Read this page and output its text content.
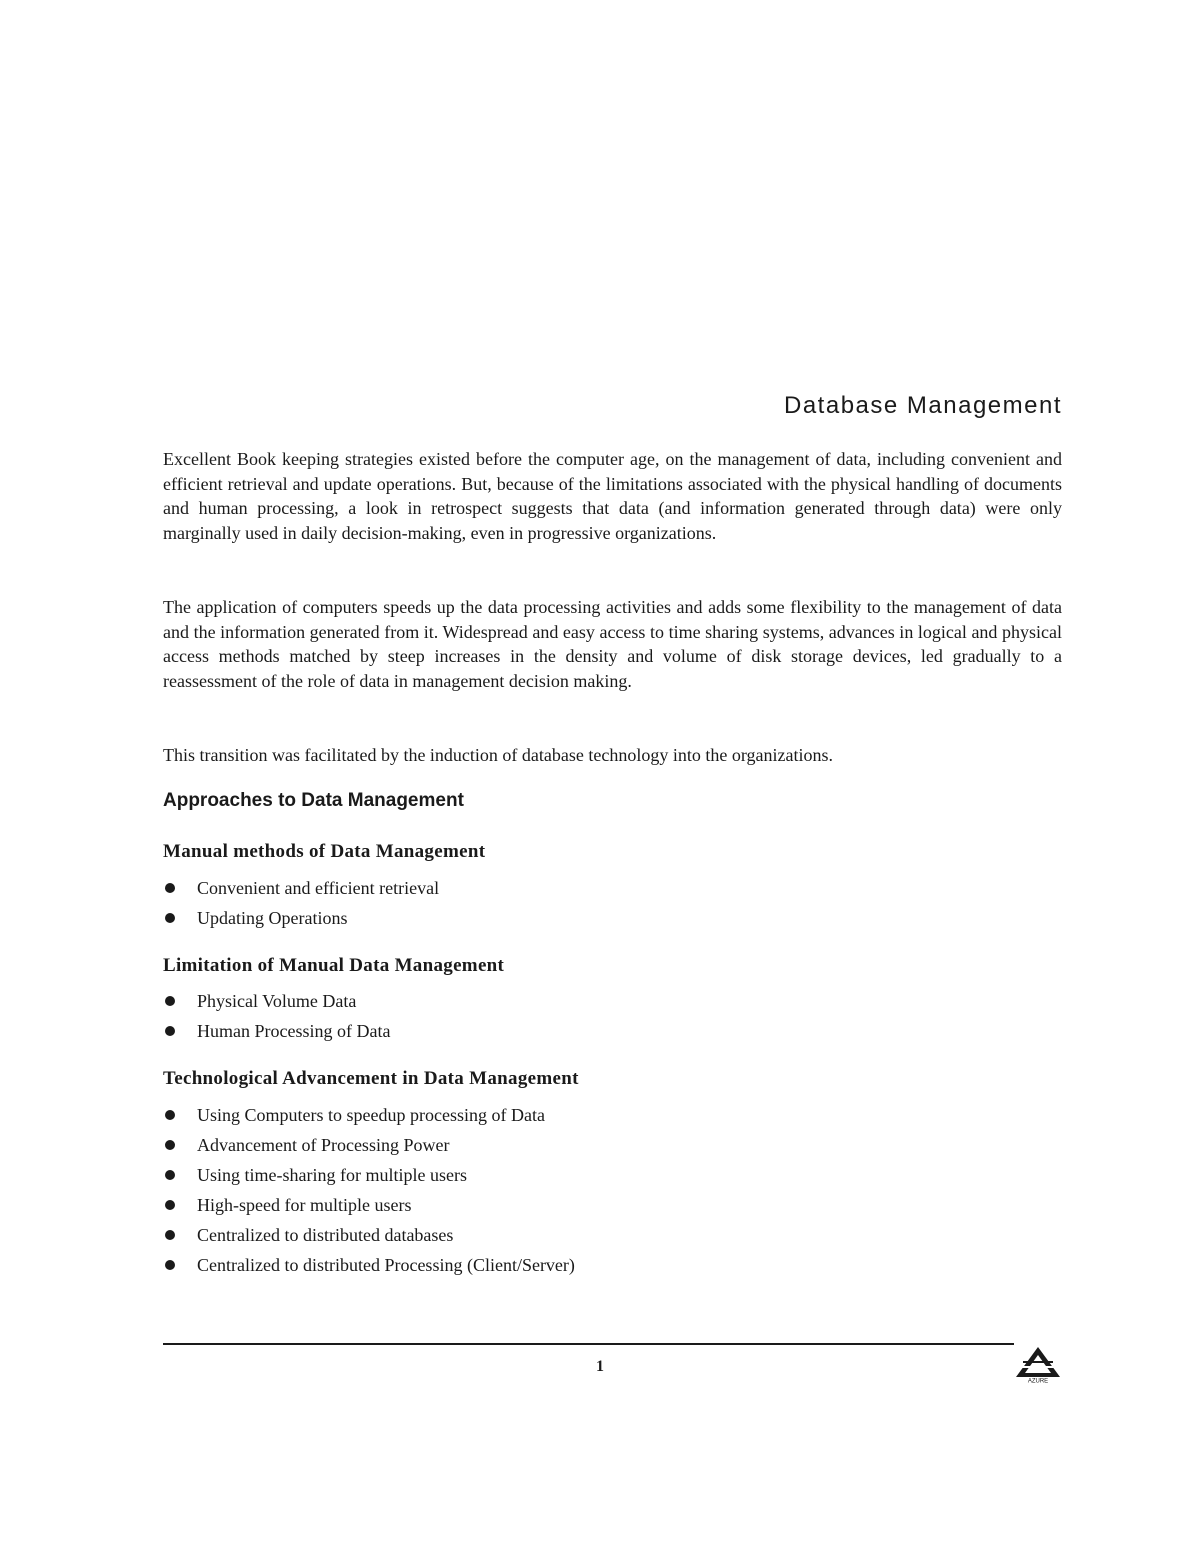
Database Management

Excellent Book keeping strategies existed before the computer age, on the management of data, including convenient and efficient retrieval and update operations. But, because of the limitations associated with the physical handling of documents and human processing, a look in retrospect suggests that data (and information generated through data) were only marginally used in daily decision-making, even in progressive organizations.

The application of computers speeds up the data processing activities and adds some flexibility to the management of data and the information generated from it. Widespread and easy access to time sharing systems, advances in logical and physical access methods matched by steep increases in the density and volume of disk storage devices, led gradually to a reassessment of the role of data in management decision making.

This transition was facilitated by the induction of database technology into the organizations.

Approaches to Data Management
Manual methods of Data Management
Convenient and efficient retrieval
Updating Operations
Limitation of Manual Data Management
Physical Volume Data
Human Processing of Data
Technological Advancement in Data Management
Using Computers to speedup processing of Data
Advancement of Processing Power
Using time-sharing for multiple users
High-speed for multiple users
Centralized to distributed databases
Centralized to distributed Processing (Client/Server)
1
AZURE
